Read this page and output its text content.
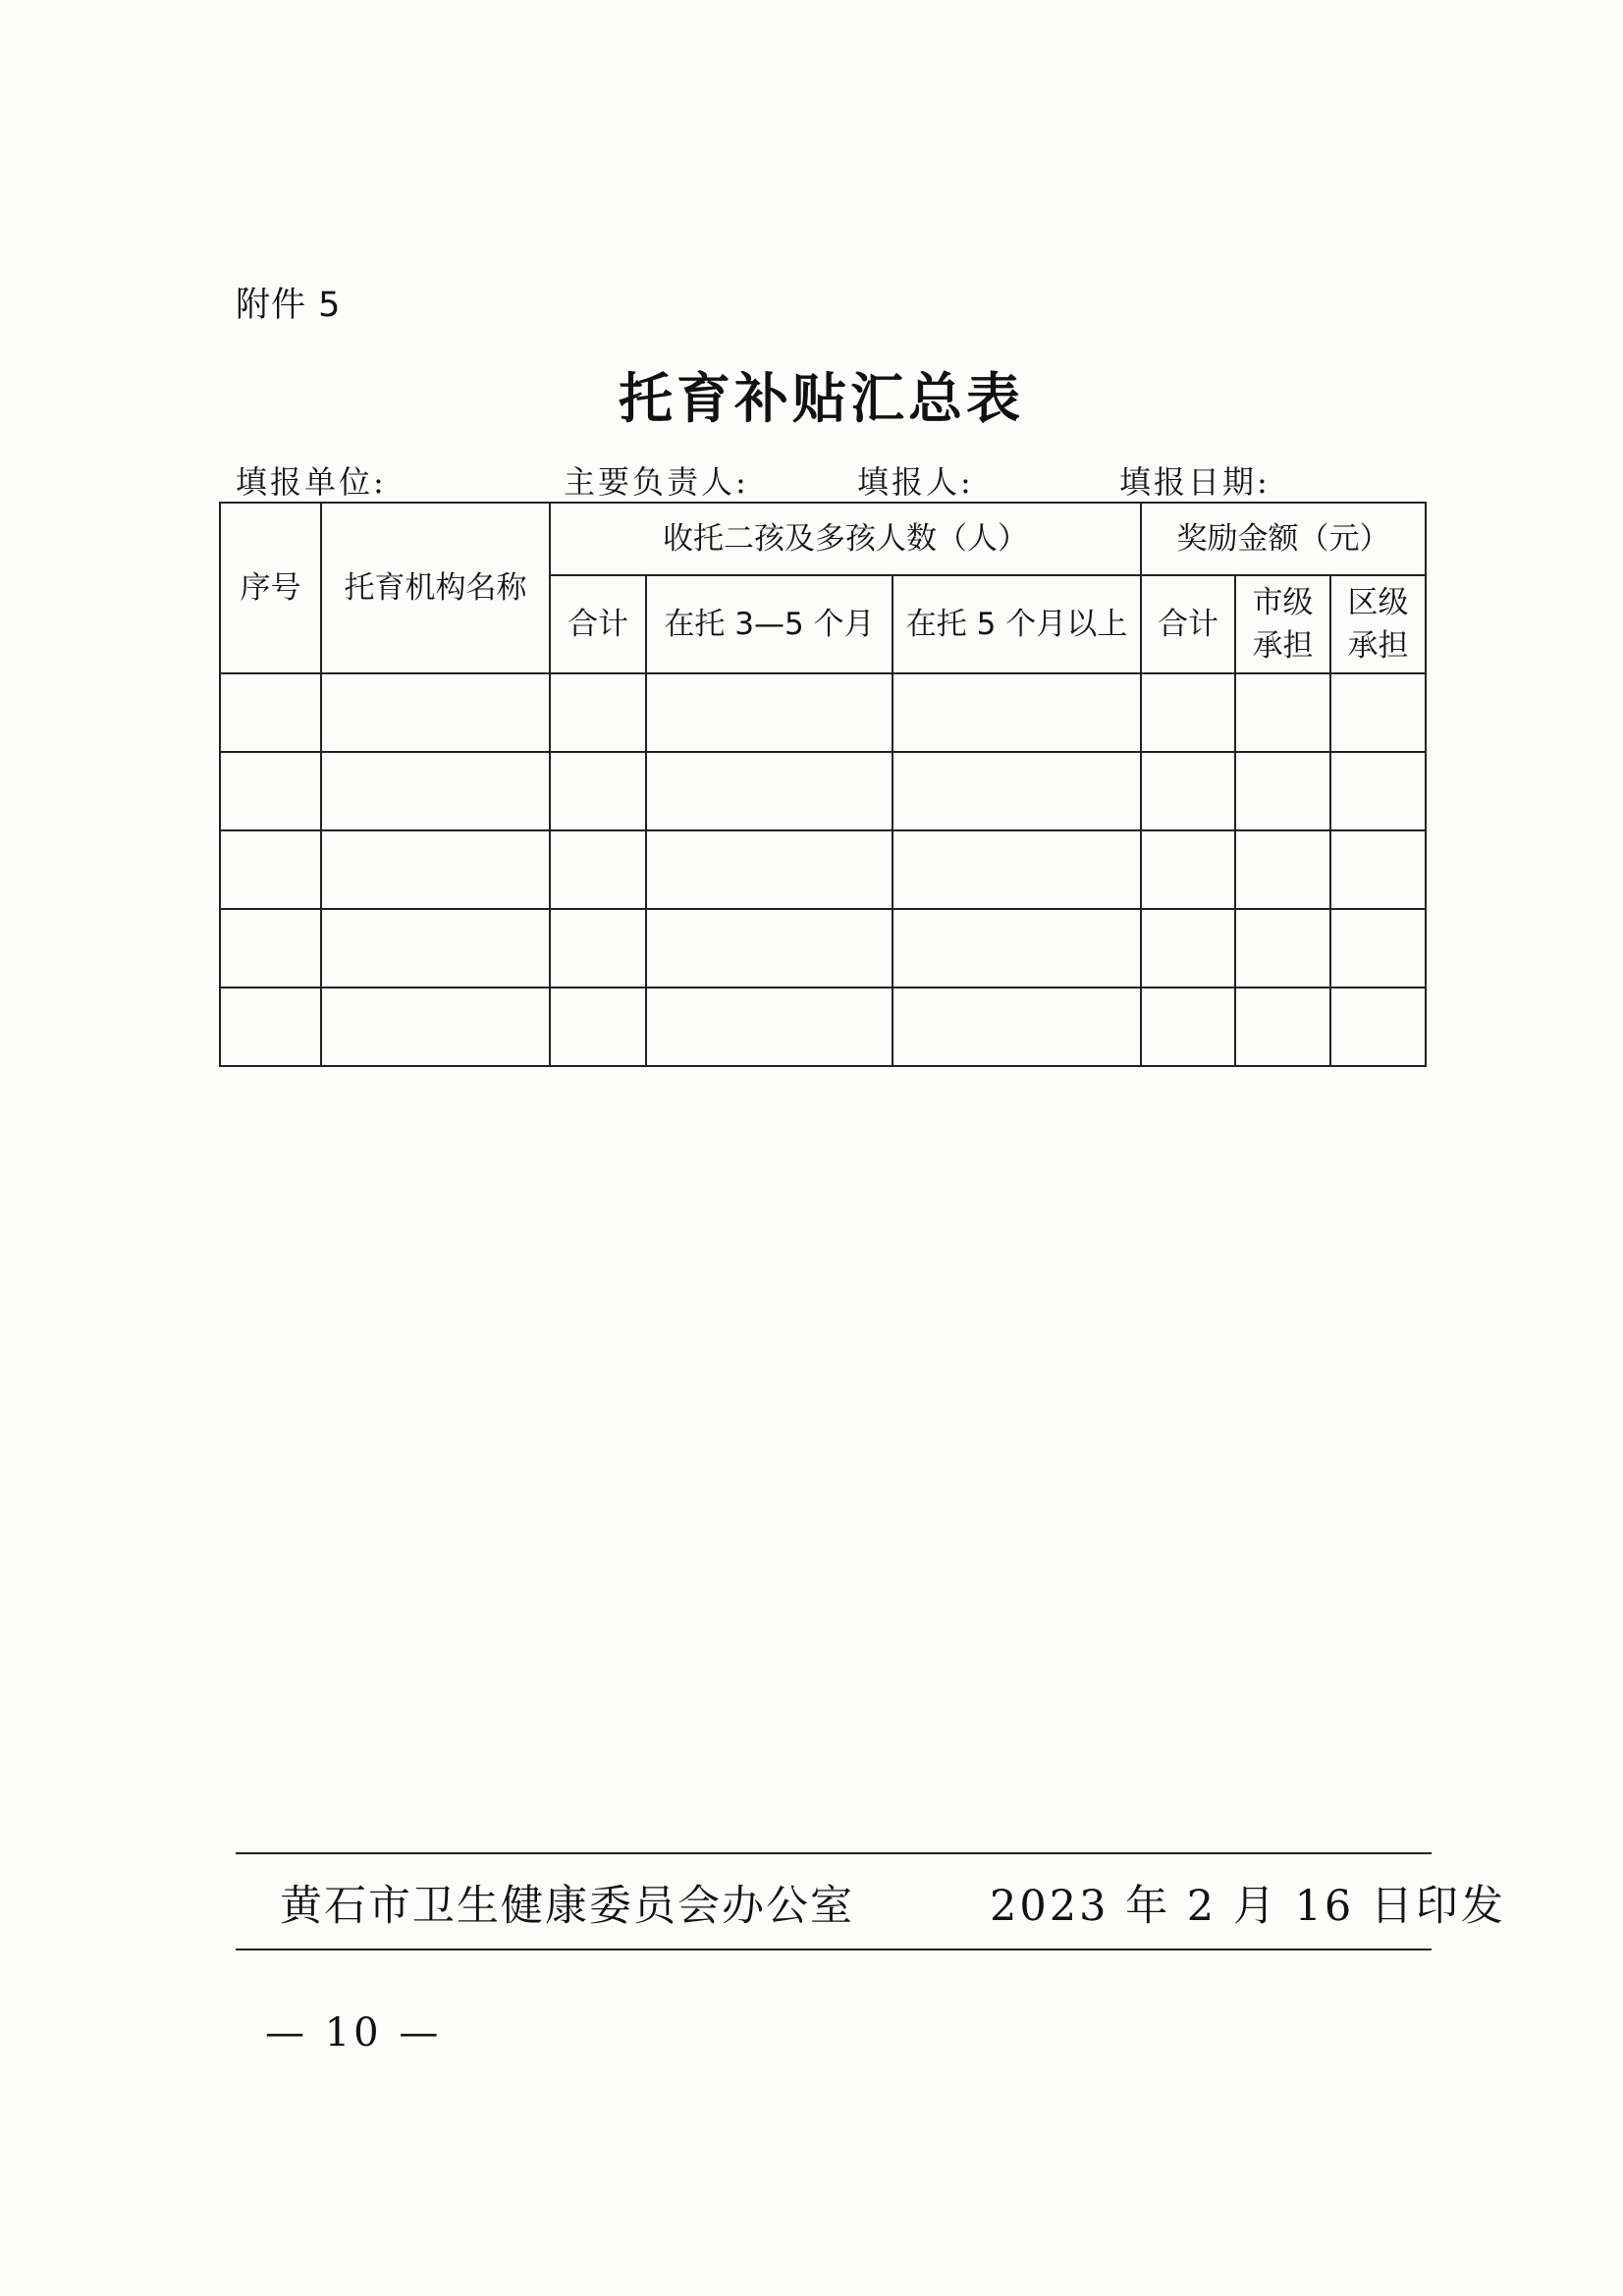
附件 5
托育补贴汇总表
填报单位:	主要负责人:	填报人:	填报日期:
序号	托育机构名称	收托二孩及多孩人数（人）			奖励金额（元）		
		合计	在托 3—5 个月	在托 5 个月以上	合计	市级承担	区级承担

黄石市卫生健康委员会办公室	2023 年 2 月 16 日印发
— 10 —
